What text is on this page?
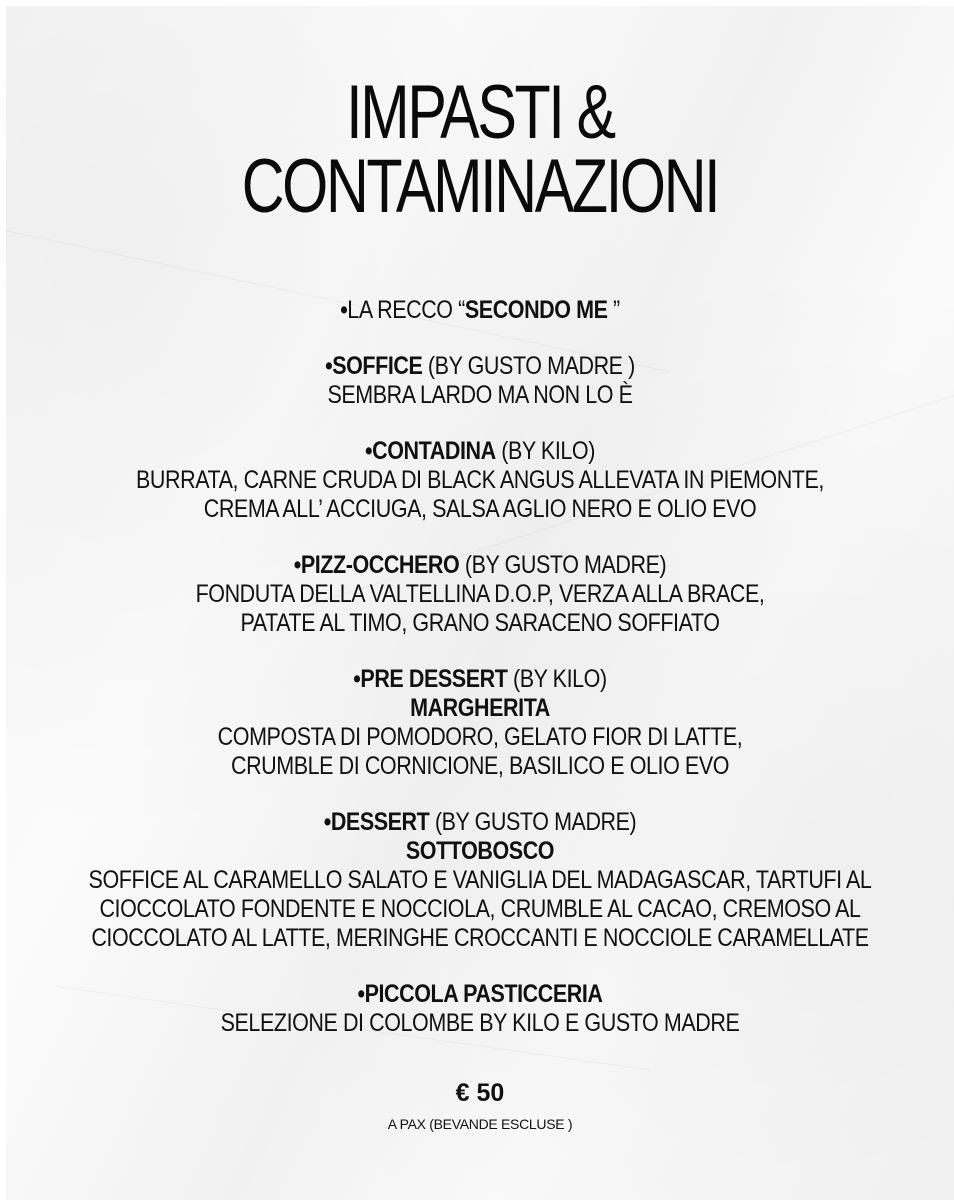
IMPASTI &
CONTAMINAZIONI
•LA RECCO “SECONDO ME ”
•SOFFICE (BY GUSTO MADRE )
SEMBRA LARDO MA NON LO È
•CONTADINA (BY KILO)
BURRATA, CARNE CRUDA DI BLACK ANGUS ALLEVATA IN PIEMONTE,
CREMA ALL’ ACCIUGA, SALSA AGLIO NERO E OLIO EVO
•PIZZ-OCCHERO (BY GUSTO MADRE)
FONDUTA DELLA VALTELLINA D.O.P, VERZA ALLA BRACE,
PATATE AL TIMO, GRANO SARACENO SOFFIATO
•PRE DESSERT (BY KILO)
MARGHERITA
COMPOSTA DI POMODORO, GELATO FIOR DI LATTE,
CRUMBLE DI CORNICIONE, BASILICO E OLIO EVO
•DESSERT (BY GUSTO MADRE)
SOTTOBOSCO
SOFFICE AL CARAMELLO SALATO E VANIGLIA DEL MADAGASCAR, TARTUFI AL
CIOCCOLATO FONDENTE E NOCCIOLA, CRUMBLE AL CACAO, CREMOSO AL
CIOCCOLATO AL LATTE, MERINGHE CROCCANTI E NOCCIOLE CARAMELLATE
•PICCOLA PASTICCERIA
SELEZIONE DI COLOMBE BY KILO E GUSTO MADRE
€ 50
A PAX (BEVANDE ESCLUSE )
